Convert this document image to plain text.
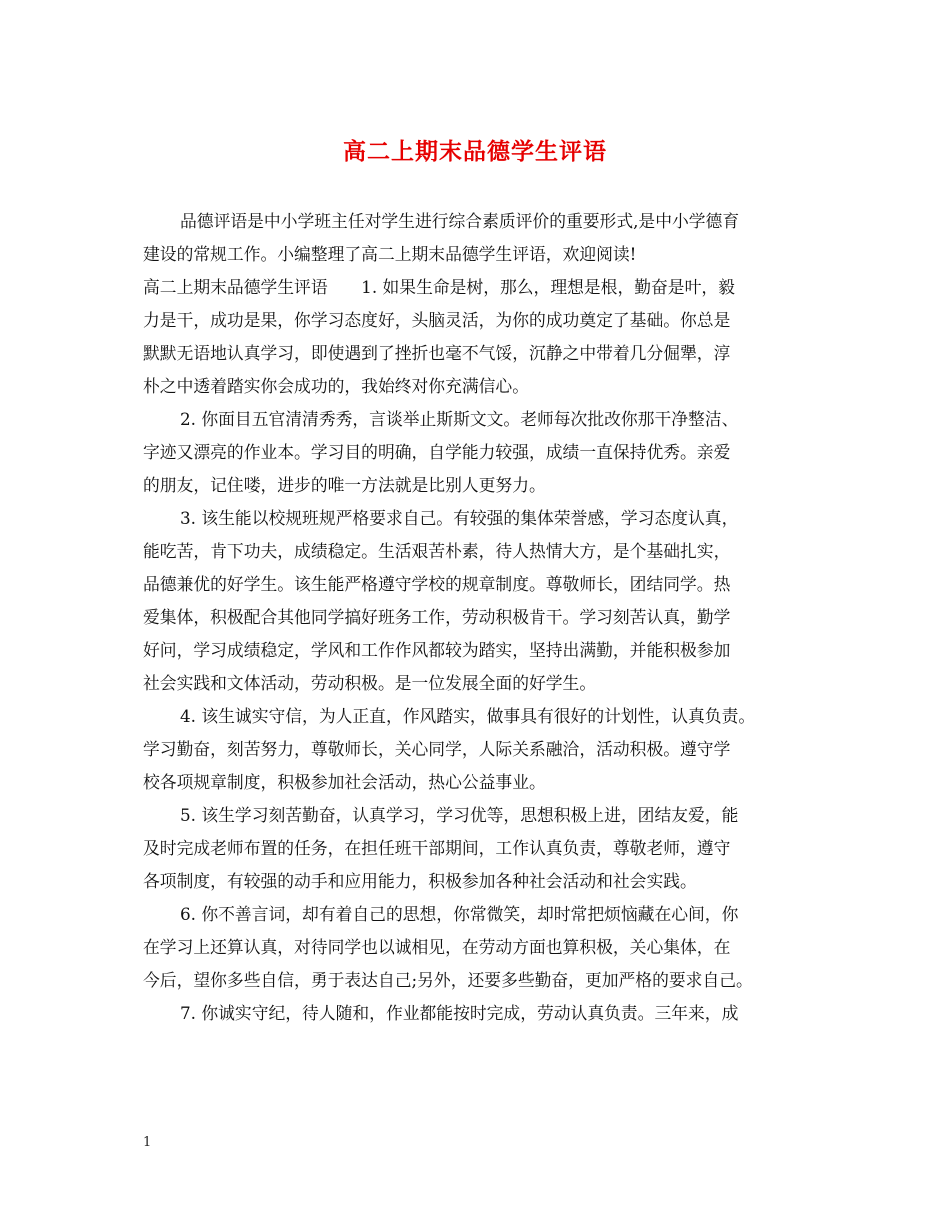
高二上期末品德学生评语
品德评语是中小学班主任对学生进行综合素质评价的重要形式,是中小学德育
建设的常规工作。小编整理了高二上期末品德学生评语，欢迎阅读!
高二上期末品德学生评语　　1. 如果生命是树，那么，理想是根，勤奋是叶，毅
力是干，成功是果，你学习态度好，头脑灵活，为你的成功奠定了基础。你总是
默默无语地认真学习，即使遇到了挫折也毫不气馁，沉静之中带着几分倔犟，淳
朴之中透着踏实你会成功的，我始终对你充满信心。
2. 你面目五官清清秀秀，言谈举止斯斯文文。老师每次批改你那干净整洁、
字迹又漂亮的作业本。学习目的明确，自学能力较强，成绩一直保持优秀。亲爱
的朋友，记住喽，进步的唯一方法就是比别人更努力。
3. 该生能以校规班规严格要求自己。有较强的集体荣誉感，学习态度认真，
能吃苦，肯下功夫，成绩稳定。生活艰苦朴素，待人热情大方，是个基础扎实，
品德兼优的好学生。该生能严格遵守学校的规章制度。尊敬师长，团结同学。热
爱集体，积极配合其他同学搞好班务工作，劳动积极肯干。学习刻苦认真，勤学
好问，学习成绩稳定，学风和工作作风都较为踏实，坚持出满勤，并能积极参加
社会实践和文体活动，劳动积极。是一位发展全面的好学生。
4. 该生诚实守信，为人正直，作风踏实，做事具有很好的计划性，认真负责。
学习勤奋，刻苦努力，尊敬师长，关心同学，人际关系融洽，活动积极。遵守学
校各项规章制度，积极参加社会活动，热心公益事业。
5. 该生学习刻苦勤奋，认真学习，学习优等，思想积极上进，团结友爱，能
及时完成老师布置的任务，在担任班干部期间，工作认真负责，尊敬老师，遵守
各项制度，有较强的动手和应用能力，积极参加各种社会活动和社会实践。
6. 你不善言词，却有着自己的思想，你常微笑，却时常把烦恼藏在心间，你
在学习上还算认真，对待同学也以诚相见，在劳动方面也算积极，关心集体，在
今后，望你多些自信，勇于表达自己;另外，还要多些勤奋，更加严格的要求自己。
7. 你诚实守纪，待人随和，作业都能按时完成，劳动认真负责。三年来，成
1
